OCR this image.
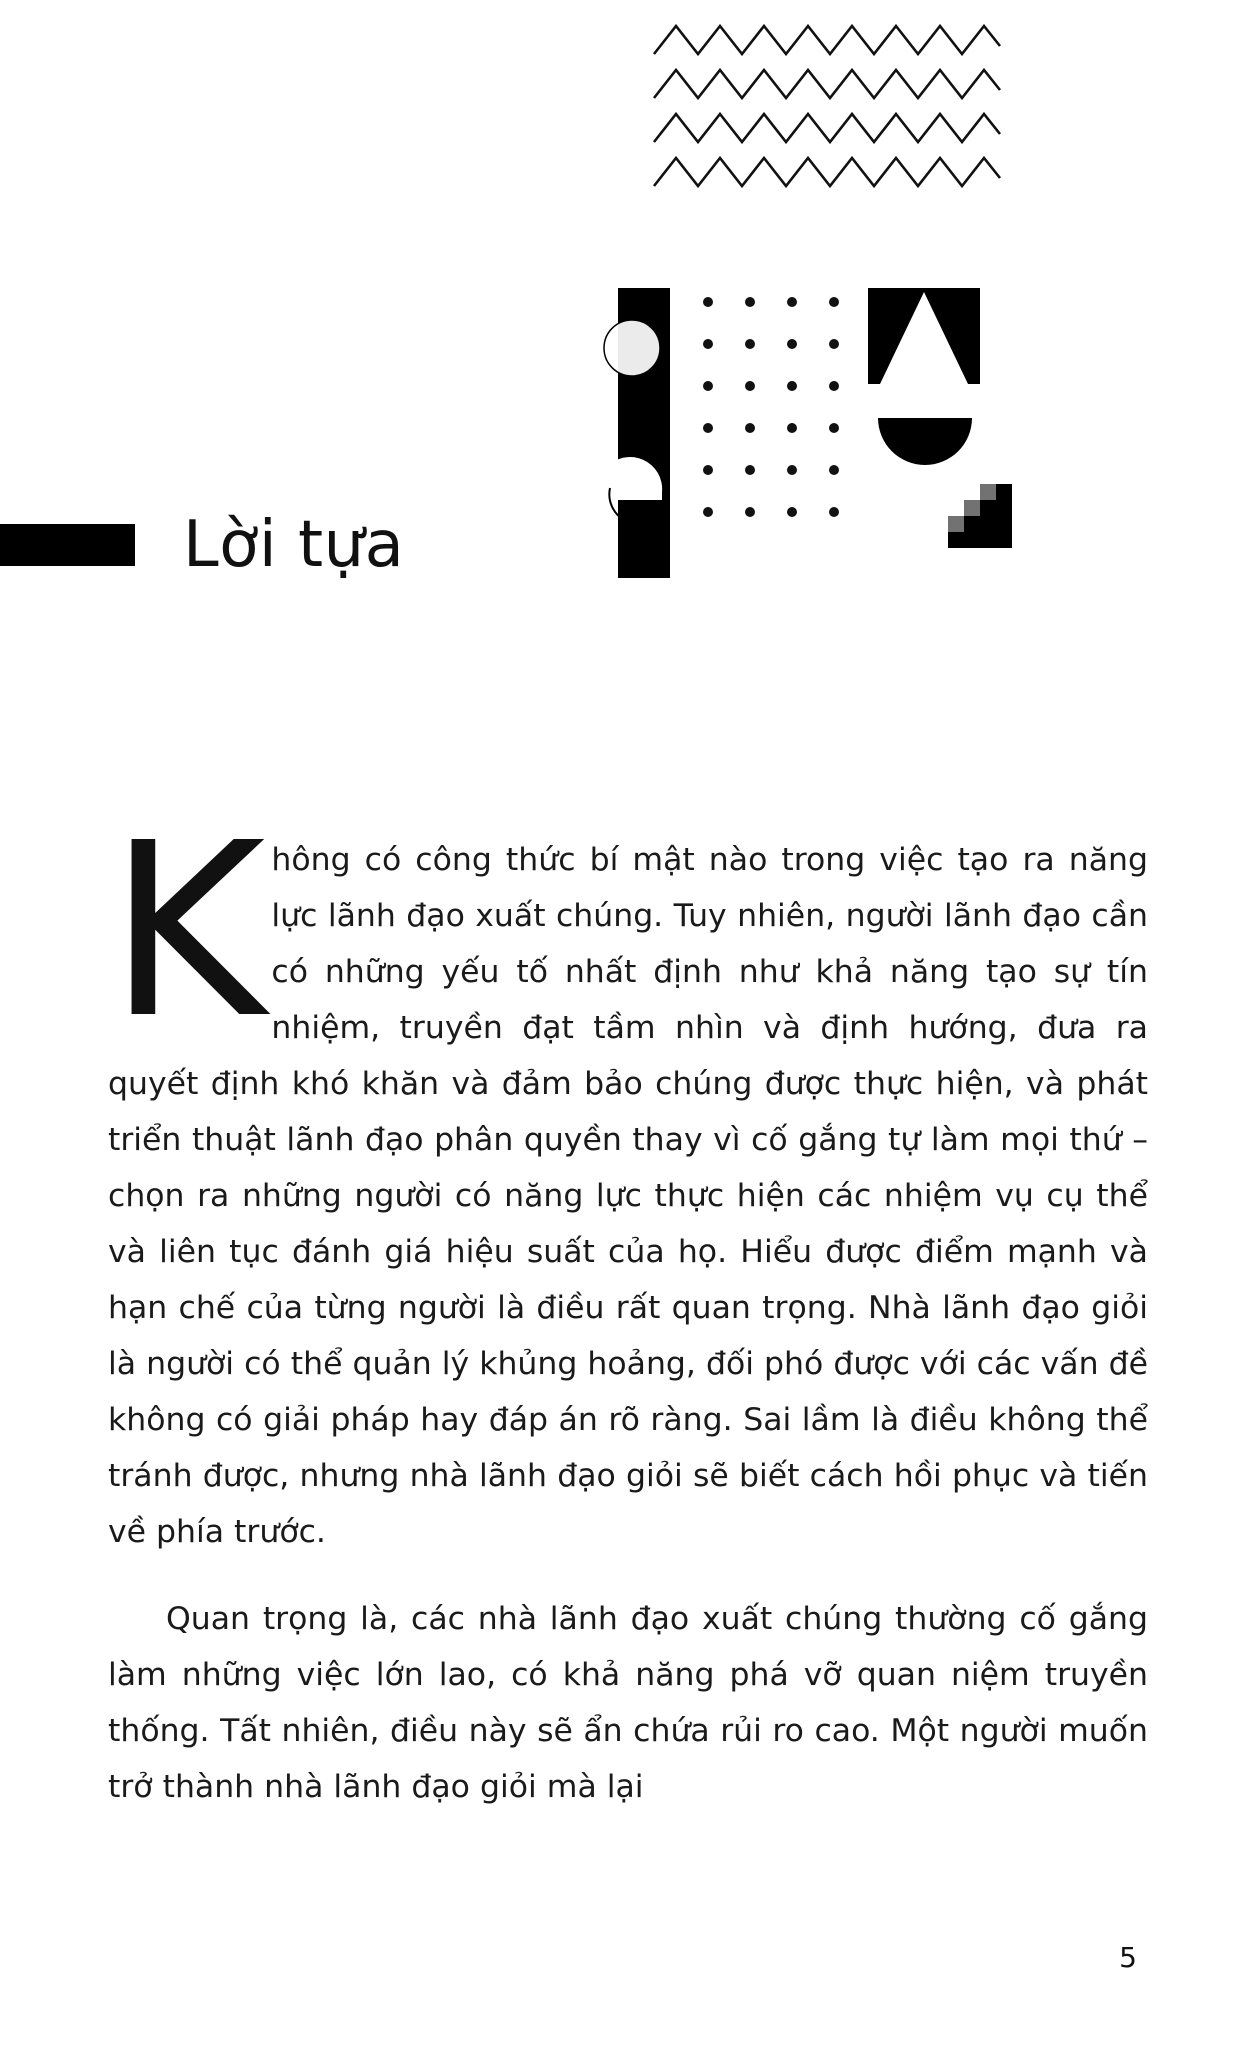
Lời tựa

Không có công thức bí mật nào trong việc tạo ra năng lực lãnh đạo xuất chúng. Tuy nhiên, người lãnh đạo cần có những yếu tố nhất định như khả năng tạo sự tín nhiệm, truyền đạt tầm nhìn và định hướng, đưa ra quyết định khó khăn và đảm bảo chúng được thực hiện, và phát triển thuật lãnh đạo phân quyền thay vì cố gắng tự làm mọi thứ – chọn ra những người có năng lực thực hiện các nhiệm vụ cụ thể và liên tục đánh giá hiệu suất của họ. Hiểu được điểm mạnh và hạn chế của từng người là điều rất quan trọng. Nhà lãnh đạo giỏi là người có thể quản lý khủng hoảng, đối phó được với các vấn đề không có giải pháp hay đáp án rõ ràng. Sai lầm là điều không thể tránh được, nhưng nhà lãnh đạo giỏi sẽ biết cách hồi phục và tiến về phía trước.

Quan trọng là, các nhà lãnh đạo xuất chúng thường cố gắng làm những việc lớn lao, có khả năng phá vỡ quan niệm truyền thống. Tất nhiên, điều này sẽ ẩn chứa rủi ro cao. Một người muốn trở thành nhà lãnh đạo giỏi mà lại

5
